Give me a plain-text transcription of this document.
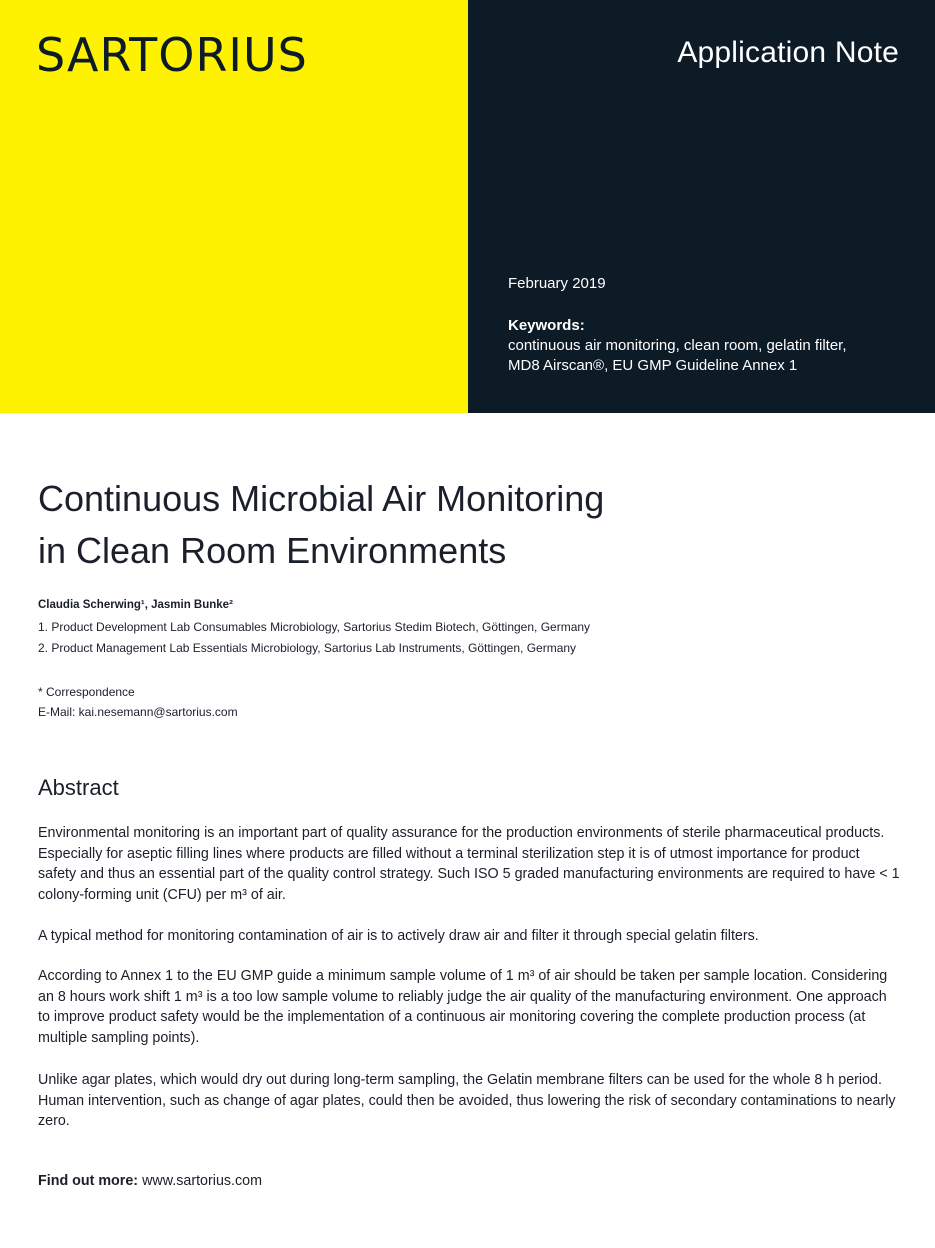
SARTORIUS	Application Note
February 2019
Keywords:
continuous air monitoring, clean room, gelatin filter,
MD8 Airscan®, EU GMP Guideline Annex 1
Continuous Microbial Air Monitoring
in Clean Room Environments
Claudia Scherwing¹, Jasmin Bunke²
1. Product Development Lab Consumables Microbiology, Sartorius Stedim Biotech, Göttingen, Germany
2. Product Management Lab Essentials Microbiology, Sartorius Lab Instruments, Göttingen, Germany
* Correspondence
E-Mail: kai.nesemann@sartorius.com
Abstract

Environmental monitoring is an important part of quality assurance for the production environments of sterile pharmaceutical products. Especially for aseptic filling lines where products are filled without a terminal sterilization step it is of utmost importance for product safety and thus an essential part of the quality control strategy. Such ISO 5 graded manufacturing environments are required to have < 1 colony-forming unit (CFU) per m³ of air.

A typical method for monitoring contamination of air is to actively draw air and filter it through special gelatin filters.

According to Annex 1 to the EU GMP guide a minimum sample volume of 1 m³ of air should be taken per sample location. Considering an 8 hours work shift 1 m³ is a too low sample volume to reliably judge the air quality of the manufacturing environment. One approach to improve product safety would be the implementation of a continuous air monitoring covering the complete production process (at multiple sampling points).

Unlike agar plates, which would dry out during long-term sampling, the Gelatin membrane filters can be used for the whole 8 h period. Human intervention, such as change of agar plates, could then be avoided, thus lowering the risk of secondary contaminations to nearly zero.

Find out more: www.sartorius.com
